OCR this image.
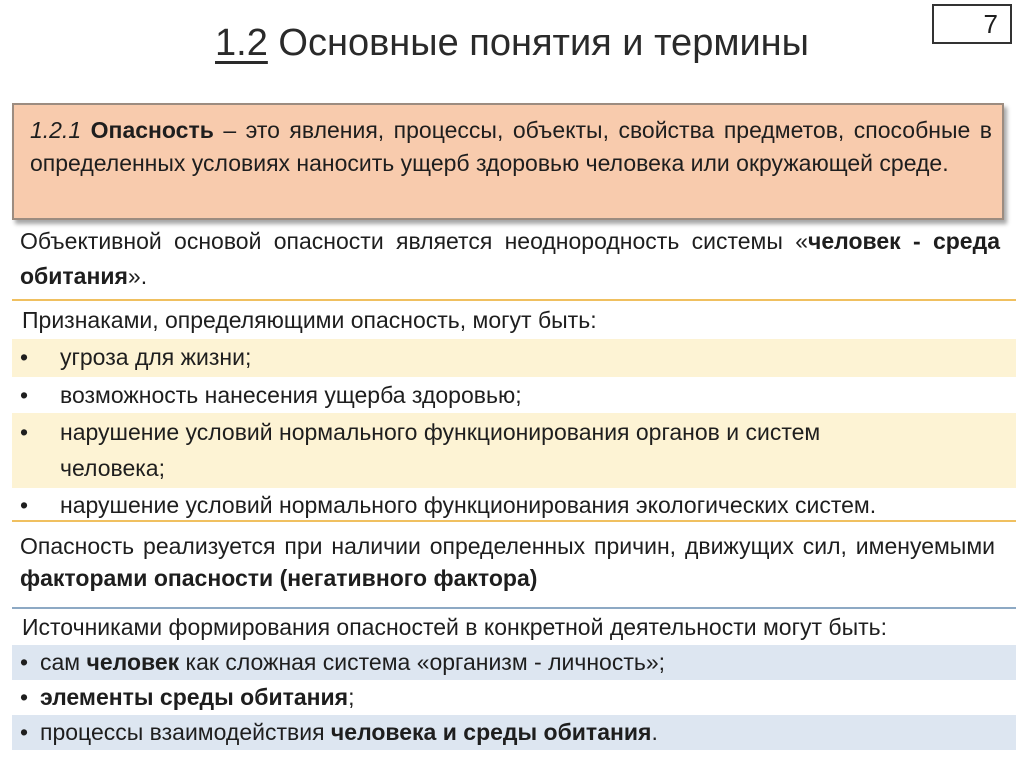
7
1.2 Основные понятия и термины
1.2.1 Опасность – это явления, процессы, объекты, свойства предметов, способные в определенных условиях наносить ущерб здоровью человека или окружающей среде.
Объективной основой опасности является неоднородность системы «человек - среда обитания».
Признаками, определяющими опасность, могут быть:
•	угроза для жизни;
•	возможность нанесения ущерба здоровью;
•	нарушение условий нормального функционирования органов и систем
человека;
•	нарушение условий нормального функционирования экологических систем.
Опасность реализуется при наличии определенных причин, движущих сил, именуемыми факторами опасности (негативного фактора)
Источниками формирования опасностей в конкретной деятельности могут быть:
• сам человек как сложная система «организм - личность»;
• элементы среды обитания;
• процессы взаимодействия человека и среды обитания.
